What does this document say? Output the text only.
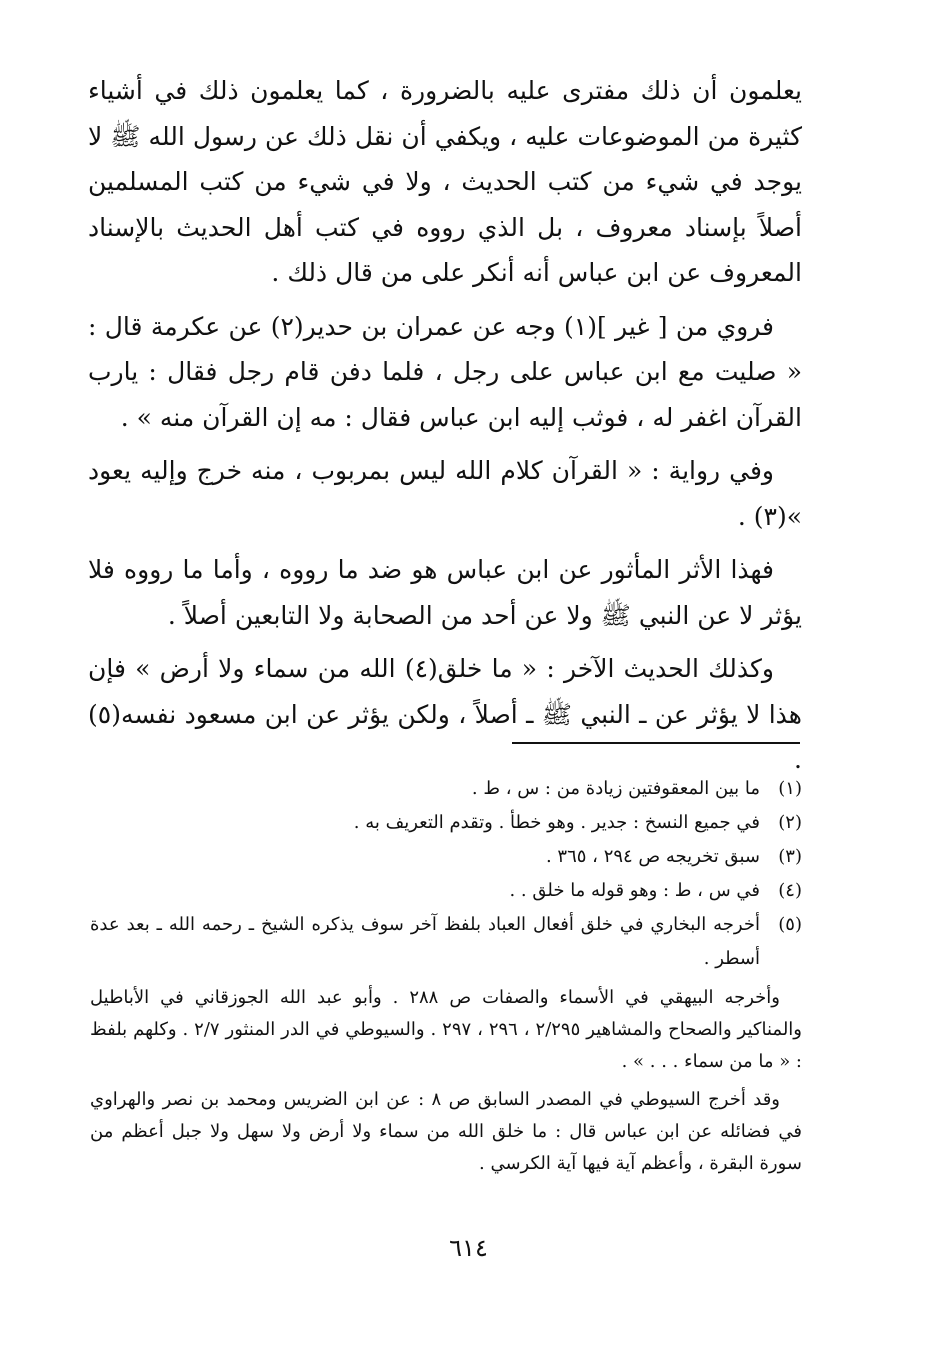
يعلمون أن ذلك مفترى عليه بالضرورة ، كما يعلمون ذلك في أشياء كثيرة من الموضوعات عليه ، ويكفي أن نقل ذلك عن رسول الله ﷺ لا يوجد في شيء من كتب الحديث ، ولا في شيء من كتب المسلمين أصلاً بإسناد معروف ، بل الذي رووه في كتب أهل الحديث بالإسناد المعروف عن ابن عباس أنه أنكر على من قال ذلك .

فروي من [ غير ](١) وجه عن عمران بن حدير(٢) عن عكرمة قال : « صليت مع ابن عباس على رجل ، فلما دفن قام رجل فقال : يارب القرآن اغفر له ، فوثب إليه ابن عباس فقال : مه إن القرآن منه » .

وفي رواية : « القرآن كلام الله ليس بمربوب ، منه خرج وإليه يعود »(٣) .

فهذا الأثر المأثور عن ابن عباس هو ضد ما رووه ، وأما ما رووه فلا يؤثر لا عن النبي ﷺ ولا عن أحد من الصحابة ولا التابعين أصلاً .

وكذلك الحديث الآخر : « ما خلق(٤) الله من سماء ولا أرض » فإن هذا لا يؤثر عن ـ النبي ﷺ ـ أصلاً ، ولكن يؤثر عن ابن مسعود نفسه(٥) .

(١)
ما بين المعقوفتين زيادة من : س ، ط .
(٢)
في جميع النسخ : جدير . وهو خطأ . وتقدم التعريف به .
(٣)
سبق تخريجه ص ٢٩٤ ، ٣٦٥ .
(٤)
في س ، ط : وهو قوله ما خلق . .
(٥)
أخرجه البخاري في خلق أفعال العباد بلفظ آخر سوف يذكره الشيخ ـ رحمه الله ـ بعد عدة أسطر .

وأخرجه البيهقي في الأسماء والصفات ص ٢٨٨ . وأبو عبد الله الجوزقاني في الأباطيل والمناكير والصحاح والمشاهير ٢/٢٩٥ ، ٢٩٦ ، ٢٩٧ . والسيوطي في الدر المنثور ٢/٧ . وكلهم بلفظ : « ما من سماء . . . » .

وقد أخرج السيوطي في المصدر السابق ص ٨ : عن ابن الضريس ومحمد بن نصر والهراوي في فضائله عن ابن عباس قال : ما خلق الله من سماء ولا أرض ولا سهل ولا جبل أعظم من سورة البقرة ، وأعظم آية فيها آية الكرسي .

٦١٤
